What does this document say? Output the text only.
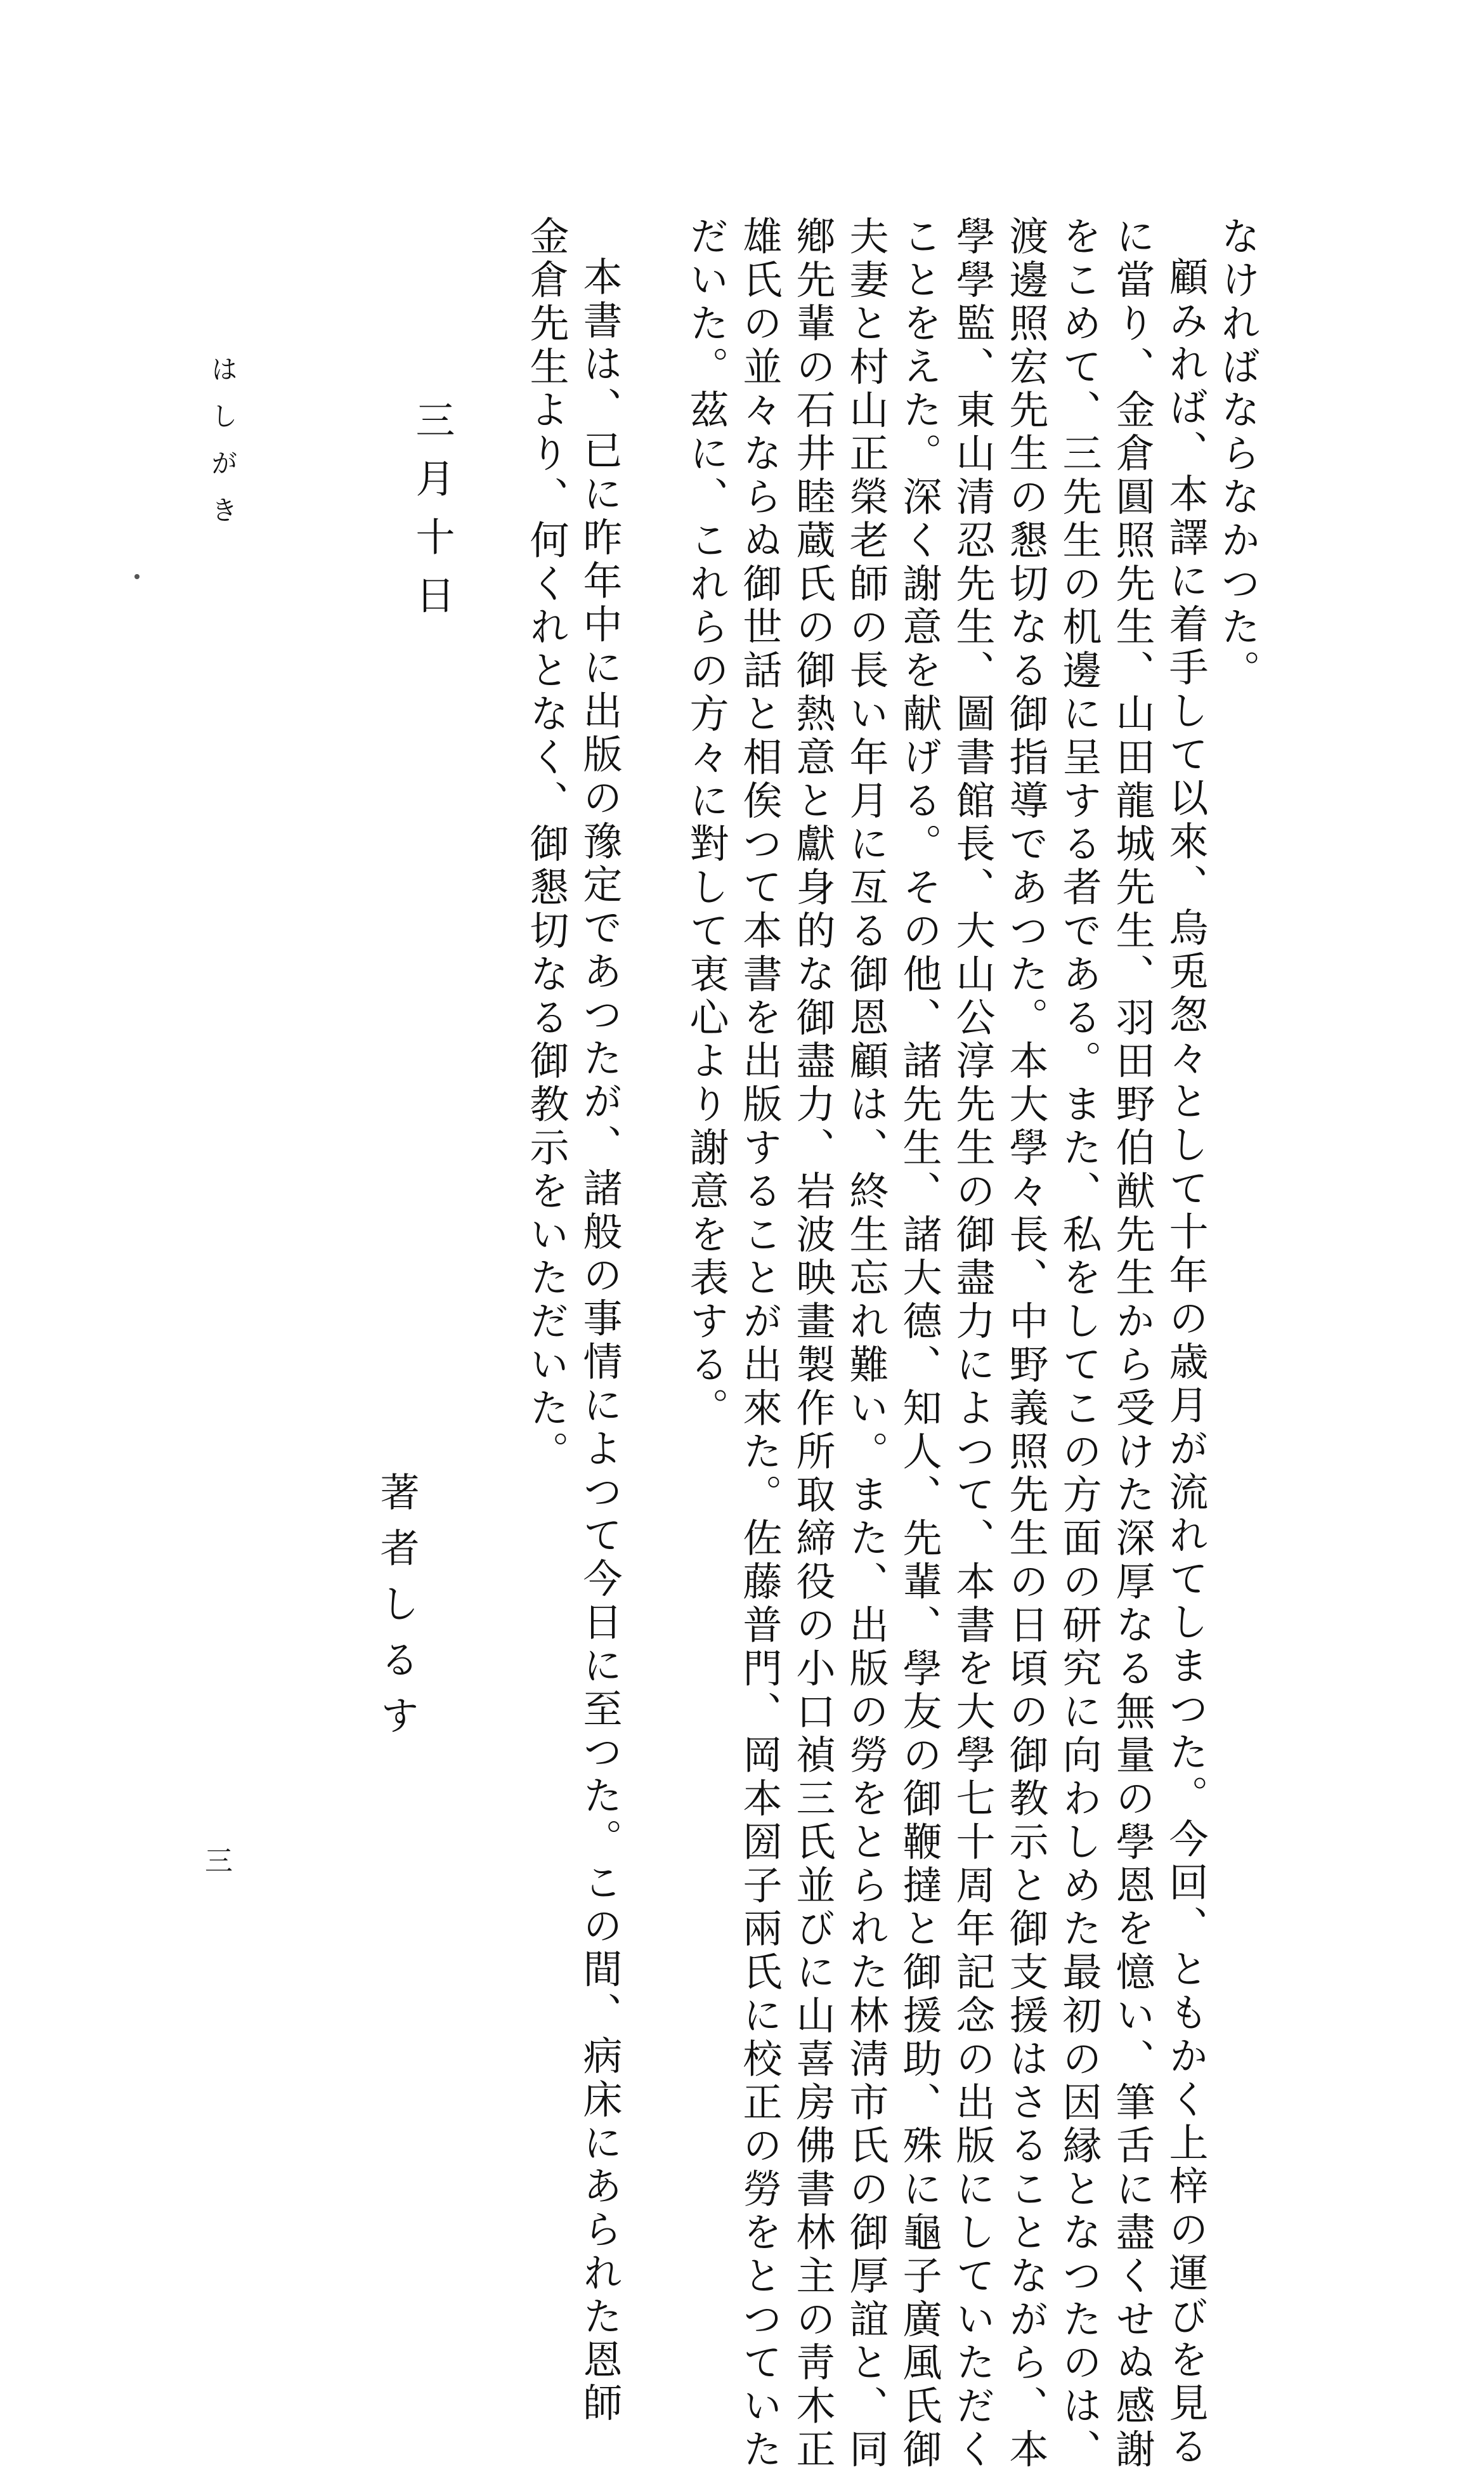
なければならなかつた。
顧みれば、本譯に着手して以來、烏兎怱々として十年の歳月が流れてしまつた。今回、ともかく上梓の運びを見る
に當り、金倉圓照先生、山田龍城先生、羽田野伯猷先生から受けた深厚なる無量の學恩を憶い、筆舌に盡くせぬ感謝
をこめて、三先生の机邊に呈する者である。また、私をしてこの方面の研究に向わしめた最初の因縁となつたのは、
渡邊照宏先生の懇切なる御指導であつた。本大學々長、中野義照先生の日頃の御教示と御支援はさることながら、本
學學監、東山清忍先生、圖書館長、大山公淳先生の御盡力によつて、本書を大學七十周年記念の出版にしていただく
ことをえた。深く謝意を献げる。その他、諸先生、諸大德、知人、先輩、學友の御鞭撻と御援助、殊に龜子廣風氏御
夫妻と村山正榮老師の長い年月に亙る御恩顧は、終生忘れ難い。また、出版の勞をとられた林淸市氏の御厚誼と、同
鄕先輩の石井睦蔵氏の御熱意と獻身的な御盡力、岩波映畫製作所取締役の小口禎三氏並びに山喜房佛書林主の靑木正
雄氏の並々ならぬ御世話と相俟つて本書を出版することが出來た。佐藤普門、岡本圀子兩氏に校正の勞をとつていた
だいた。茲に、これらの方々に對して衷心より謝意を表する。
本書は、已に昨年中に出版の豫定であつたが、諸般の事情によつて今日に至つた。この間、病床にあられた恩師
金倉先生より、何くれとなく、御懇切なる御教示をいただいた。
著者しるす
三月十日
はしがき
三
